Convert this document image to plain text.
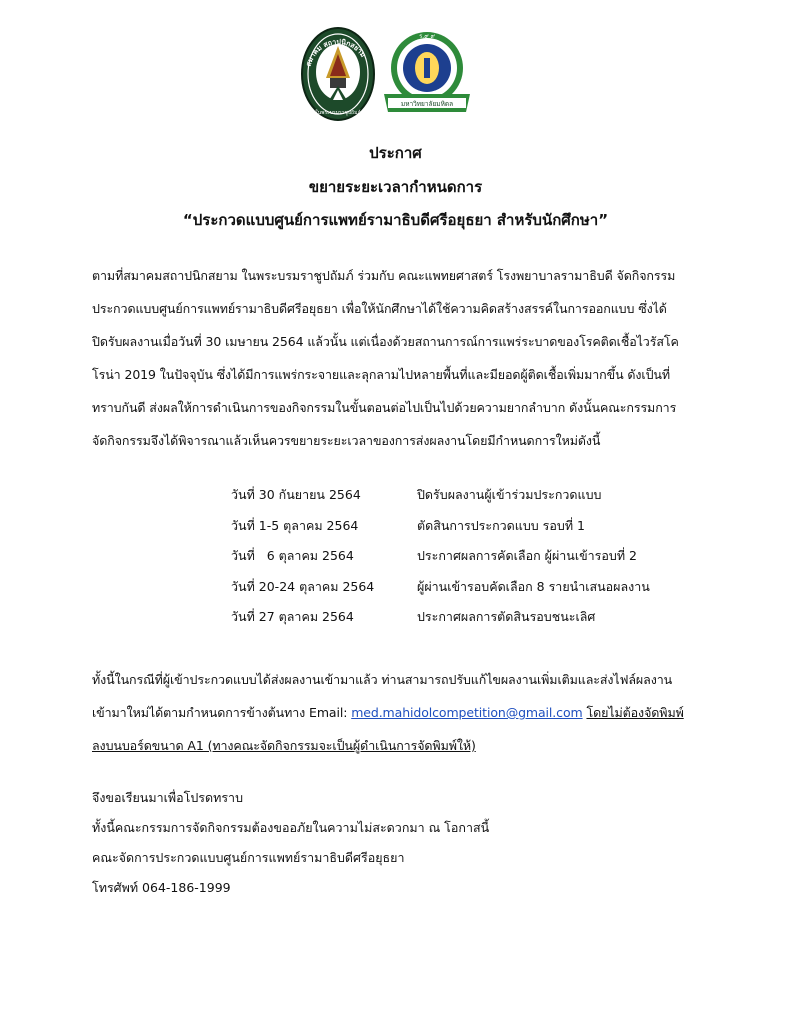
สมาคม สถาปนิกสยาม
ในพระบรมราชูปถัมภ์
ร.๙ ๙
มหาวิทยาลัยมหิดล
ประกาศ
ขยายระยะเวลากำหนดการ
“ประกวดแบบศูนย์การแพทย์รามาธิบดีศรีอยุธยา สำหรับนักศึกษา”
ตามที่สมาคมสถาปนิกสยาม ในพระบรมราชูปถัมภ์ ร่วมกับ คณะแพทยศาสตร์ โรงพยาบาลรามาธิบดี จัดกิจกรรม
ประกวดแบบศูนย์การแพทย์รามาธิบดีศรีอยุธยา เพื่อให้นักศึกษาได้ใช้ความคิดสร้างสรรค์ในการออกแบบ ซึ่งได้
ปิดรับผลงานเมื่อวันที่ 30 เมษายน 2564 แล้วนั้น แต่เนื่องด้วยสถานการณ์การแพร่ระบาดของโรคติดเชื้อไวรัสโค
โรน่า 2019 ในปัจจุบัน ซึ่งได้มีการแพร่กระจายและลุกลามไปหลายพื้นที่และมียอดผู้ติดเชื้อเพิ่มมากขึ้น ดังเป็นที่
ทราบกันดี ส่งผลให้การดำเนินการของกิจกรรมในขั้นตอนต่อไปเป็นไปด้วยความยากลำบาก ดังนั้นคณะกรรมการ
จัดกิจกรรมจึงได้พิจารณาแล้วเห็นควรขยายระยะเวลาของการส่งผลงานโดยมีกำหนดการใหม่ดังนี้
วันที่ 30 กันยายน 2564	ปิดรับผลงานผู้เข้าร่วมประกวดแบบ
วันที่ 1-5 ตุลาคม 2564	ตัดสินการประกวดแบบ รอบที่ 1
วันที่   6 ตุลาคม 2564	ประกาศผลการคัดเลือก ผู้ผ่านเข้ารอบที่ 2
วันที่ 20-24 ตุลาคม 2564	ผู้ผ่านเข้ารอบคัดเลือก 8 รายนำเสนอผลงาน
วันที่ 27 ตุลาคม 2564	ประกาศผลการตัดสินรอบชนะเลิศ
ทั้งนี้ในกรณีที่ผู้เข้าประกวดแบบได้ส่งผลงานเข้ามาแล้ว ท่านสามารถปรับแก้ไขผลงานเพิ่มเติมและส่งไฟล์ผลงาน
เข้ามาใหม่ได้ตามกำหนดการข้างต้นทาง Email: med.mahidolcompetition@gmail.com โดยไม่ต้องจัดพิมพ์
ลงบนบอร์ดขนาด A1 (ทางคณะจัดกิจกรรมจะเป็นผู้ดำเนินการจัดพิมพ์ให้)
จึงขอเรียนมาเพื่อโปรดทราบ
ทั้งนี้คณะกรรมการจัดกิจกรรมต้องขออภัยในความไม่สะดวกมา ณ โอกาสนี้
คณะจัดการประกวดแบบศูนย์การแพทย์รามาธิบดีศรีอยุธยา
โทรศัพท์ 064-186-1999
